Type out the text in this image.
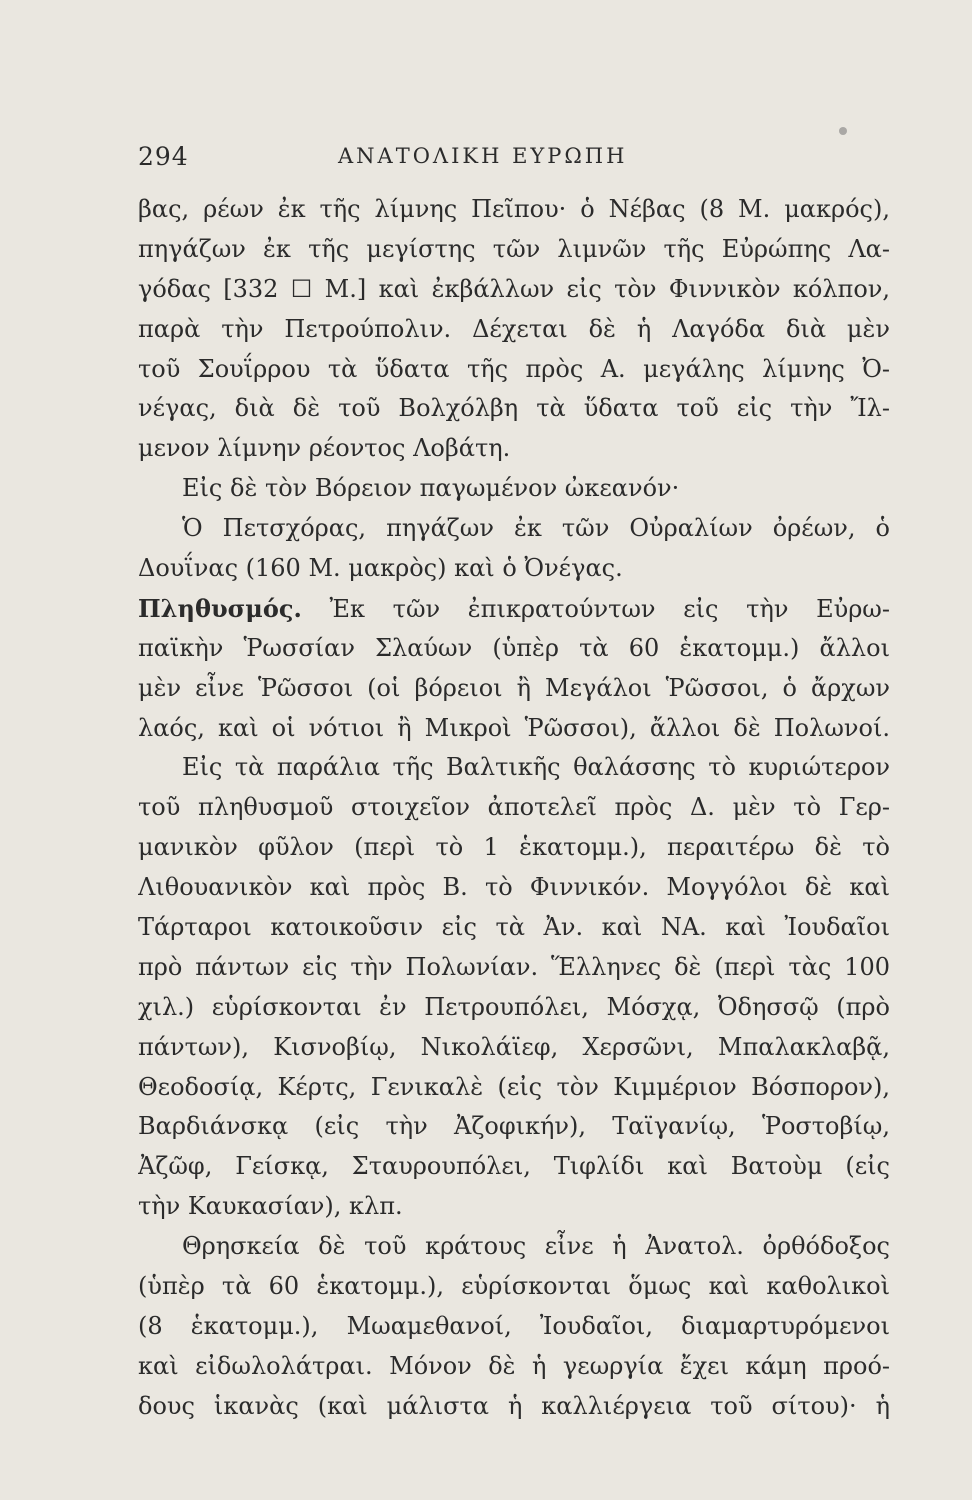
294	ΑΝΑΤΟΛΙΚΗ ΕΥΡΩΠΗ
βας, ρέων ἐκ τῆς λίμνης Πεῖπου· ὁ Νέβας (8 Μ. μακρός),
πηγάζων ἐκ τῆς μεγίστης τῶν λιμνῶν τῆς Εὐρώπης Λα-
γόδας [332 ☐ Μ.] καὶ ἐκβάλλων εἰς τὸν Φιννικὸν κόλπον,
παρὰ τὴν Πετρούπολιν. Δέχεται δὲ ἡ Λαγόδα διὰ μὲν
τοῦ Σουΐρρου τὰ ὕδατα τῆς πρὸς Α. μεγάλης λίμνης Ὀ-
νέγας, διὰ δὲ τοῦ Βολχόλβη τὰ ὕδατα τοῦ εἰς τὴν Ἴλ-
μενον λίμνην ρέοντος Λοβάτη.
Εἰς δὲ τὸν Βόρειον παγωμένον ὠκεανόν·
Ὁ Πετσχόρας, πηγάζων ἐκ τῶν Οὐραλίων ὀρέων, ὁ
Δουΐνας (160 Μ. μακρὸς) καὶ ὁ Ὀνέγας.
Πληθυσμός. Ἐκ τῶν ἐπικρατούντων εἰς τὴν Εὐρω-
παϊκὴν Ῥωσσίαν Σλαύων (ὑπὲρ τὰ 60 ἑκατομμ.) ἄλλοι
μὲν εἶνε Ῥῶσσοι (οἱ βόρειοι ἢ Μεγάλοι Ῥῶσσοι, ὁ ἄρχων
λαός, καὶ οἱ νότιοι ἢ Μικροὶ Ῥῶσσοι), ἄλλοι δὲ Πολωνοί.
Εἰς τὰ παράλια τῆς Βαλτικῆς θαλάσσης τὸ κυριώτερον
τοῦ πληθυσμοῦ στοιχεῖον ἀποτελεῖ πρὸς Δ. μὲν τὸ Γερ-
μανικὸν φῦλον (περὶ τὸ 1 ἑκατομμ.), περαιτέρω δὲ τὸ
Λιθουανικὸν καὶ πρὸς Β. τὸ Φιννικόν. Μογγόλοι δὲ καὶ
Τάρταροι κατοικοῦσιν εἰς τὰ Ἀν. καὶ ΝΑ. καὶ Ἰουδαῖοι
πρὸ πάντων εἰς τὴν Πολωνίαν. Ἕλληνες δὲ (περὶ τὰς 100
χιλ.) εὑρίσκονται ἐν Πετρουπόλει, Μόσχᾳ, Ὀδησσῷ (πρὸ
πάντων), Κισνοβίῳ, Νικολάϊεφ, Χερσῶνι, Μπαλακλαβᾷ,
Θεοδοσίᾳ, Κέρτς, Γενικαλὲ (εἰς τὸν Κιμμέριον Βόσπορον),
Βαρδιάνσκᾳ (εἰς τὴν Ἀζοφικήν), Ταϊγανίῳ, Ῥοστοβίῳ,
Ἀζῶφ, Γείσκᾳ, Σταυρουπόλει, Τιφλίδι καὶ Βατοὺμ (εἰς
τὴν Καυκασίαν), κλπ.
Θρησκεία δὲ τοῦ κράτους εἶνε ἡ Ἀνατολ. ὀρθόδοξος
(ὑπὲρ τὰ 60 ἑκατομμ.), εὑρίσκονται ὅμως καὶ καθολικοὶ
(8 ἑκατομμ.), Μωαμεθανοί, Ἰουδαῖοι, διαμαρτυρόμενοι
καὶ εἰδωλολάτραι. Μόνον δὲ ἡ γεωργία ἔχει κάμη προό-
δους ἱκανὰς (καὶ μάλιστα ἡ καλλιέργεια τοῦ σίτου)· ἡ
